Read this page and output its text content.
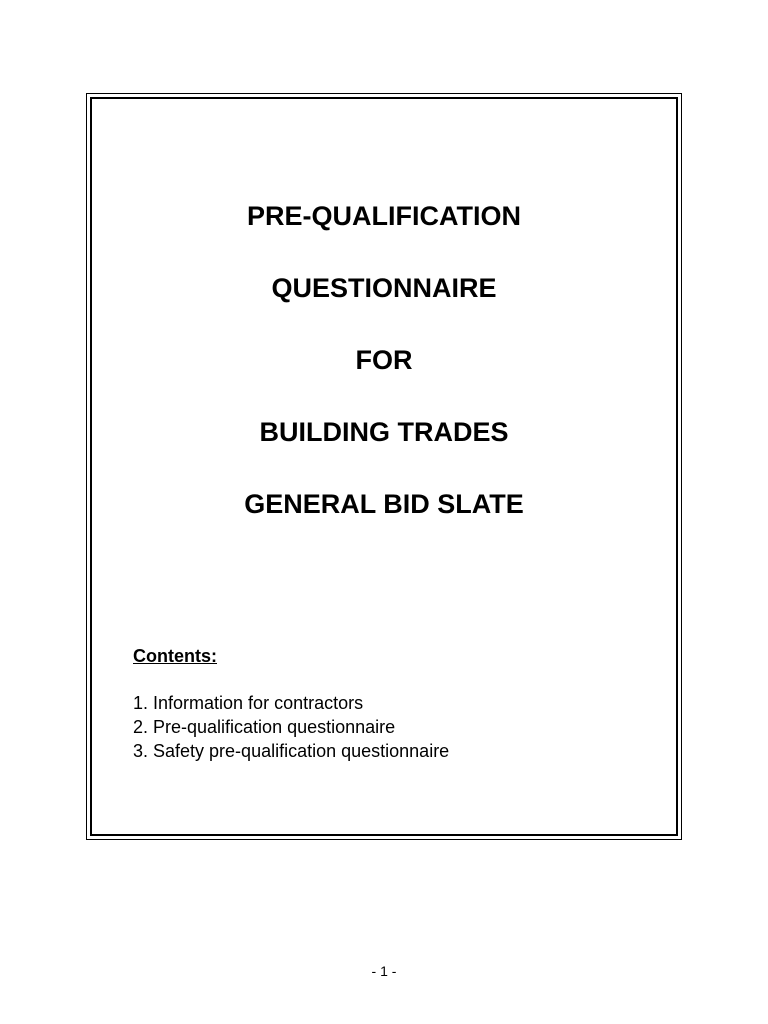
PRE-QUALIFICATION
QUESTIONNAIRE
FOR
BUILDING TRADES
GENERAL BID SLATE
Contents:
1. Information for contractors
2. Pre-qualification questionnaire
3. Safety pre-qualification questionnaire
- 1 -
